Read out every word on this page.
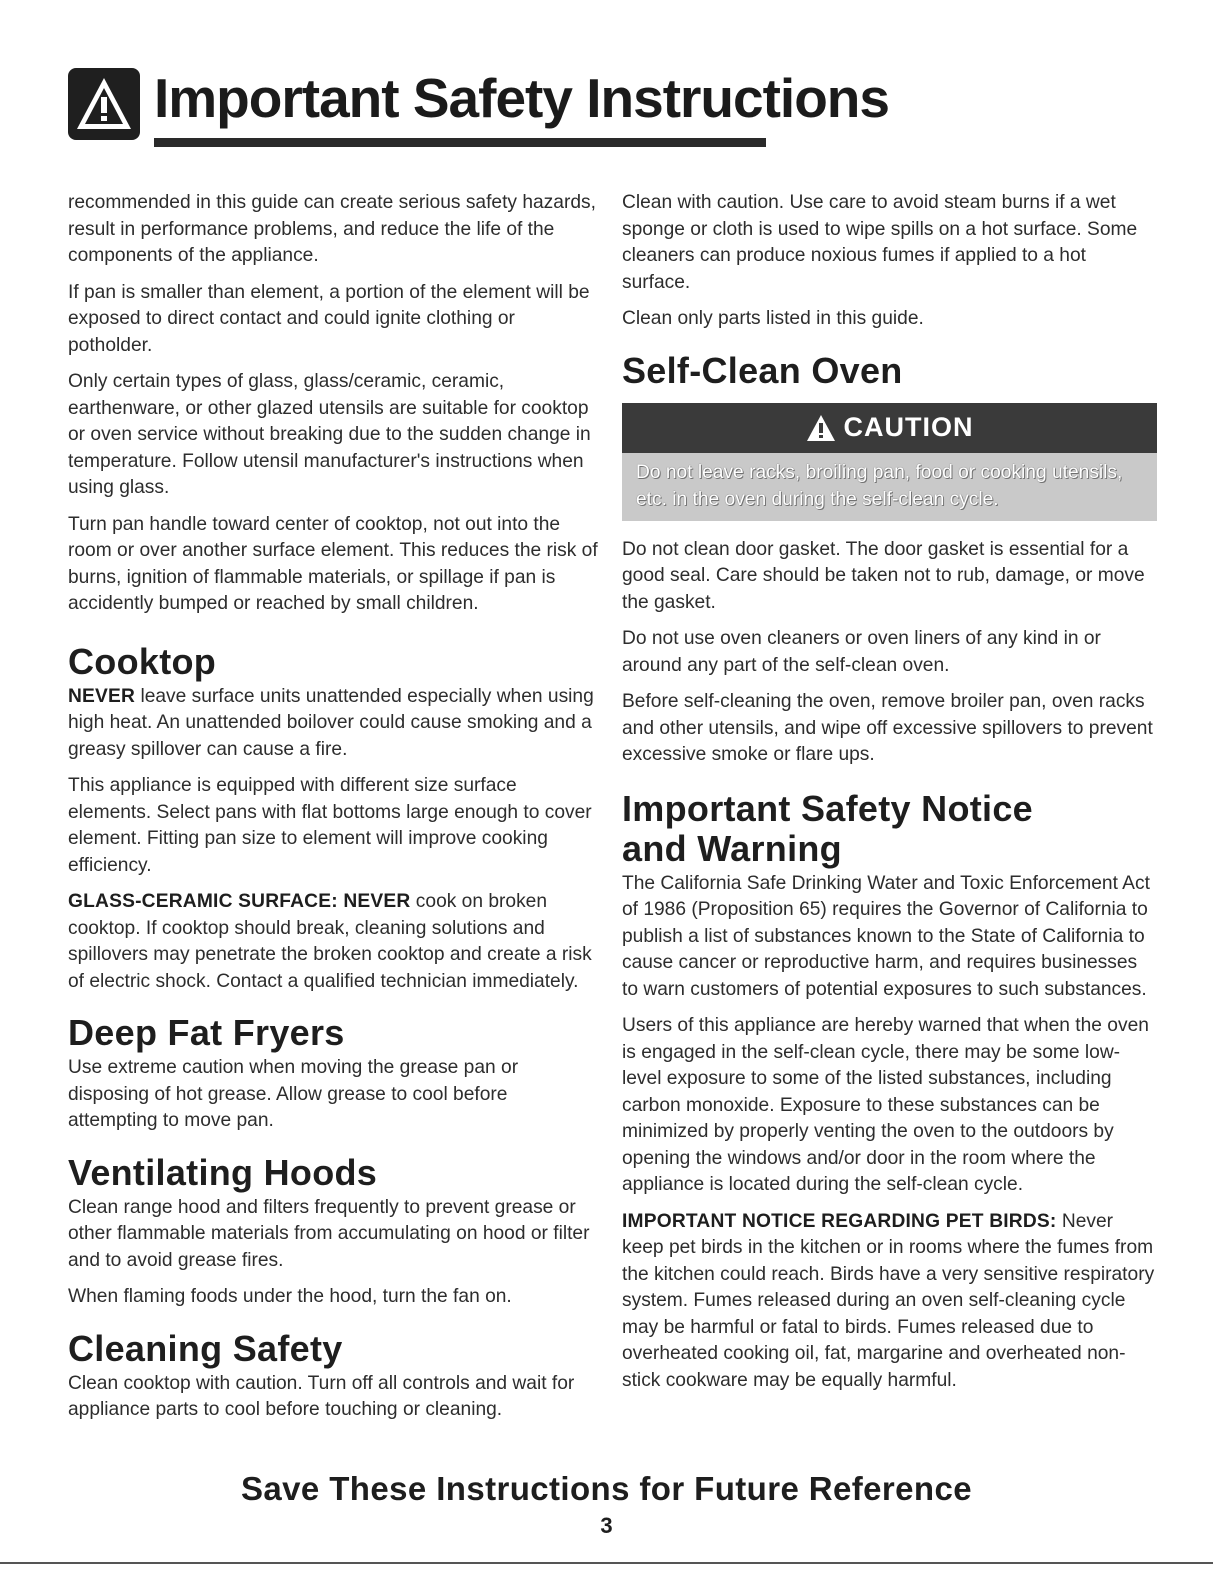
Important Safety Instructions

recommended in this guide can create serious safety hazards, result in performance problems, and reduce the life of the components of the appliance.

If pan is smaller than element, a portion of the element will be exposed to direct contact and could ignite clothing or potholder.

Only certain types of glass, glass/ceramic, ceramic, earthenware, or other glazed utensils are suitable for cooktop or oven service without breaking due to the sudden change in temperature. Follow utensil manufacturer's instructions when using glass.

Turn pan handle toward center of cooktop, not out into the room or over another surface element. This reduces the risk of burns, ignition of flammable materials, or spillage if pan is accidently bumped or reached by small children.

Cooktop

NEVER leave surface units unattended especially when using high heat. An unattended boilover could cause smoking and a greasy spillover can cause a fire.

This appliance is equipped with different size surface elements. Select pans with flat bottoms large enough to cover element. Fitting pan size to element will improve cooking efficiency.

GLASS-CERAMIC SURFACE: NEVER cook on broken cooktop. If cooktop should break, cleaning solutions and spillovers may penetrate the broken cooktop and create a risk of electric shock. Contact a qualified technician immediately.

Deep Fat Fryers

Use extreme caution when moving the grease pan or disposing of hot grease. Allow grease to cool before attempting to move pan.

Ventilating Hoods

Clean range hood and filters frequently to prevent grease or other flammable materials from accumulating on hood or filter and to avoid grease fires.

When flaming foods under the hood, turn the fan on.

Cleaning Safety

Clean cooktop with caution. Turn off all controls and wait for appliance parts to cool before touching or cleaning.

Clean with caution. Use care to avoid steam burns if a wet sponge or cloth is used to wipe spills on a hot surface. Some cleaners can produce noxious fumes if applied to a hot surface.

Clean only parts listed in this guide.

Self-Clean Oven
CAUTION
Do not leave racks, broiling pan, food or cooking utensils, etc. in the oven during the self-clean cycle.

Do not clean door gasket. The door gasket is essential for a good seal. Care should be taken not to rub, damage, or move the gasket.

Do not use oven cleaners or oven liners of any kind in or around any part of the self-clean oven.

Before self-cleaning the oven, remove broiler pan, oven racks and other utensils, and wipe off excessive spillovers to prevent excessive smoke or flare ups.

Important Safety Notice
and Warning

The California Safe Drinking Water and Toxic Enforcement Act of 1986 (Proposition 65) requires the Governor of California to publish a list of substances known to the State of California to cause cancer or reproductive harm, and requires businesses to warn customers of potential exposures to such substances.

Users of this appliance are hereby warned that when the oven is engaged in the self-clean cycle, there may be some low-level exposure to some of the listed substances, including carbon monoxide. Exposure to these substances can be minimized by properly venting the oven to the outdoors by opening the windows and/or door in the room where the appliance is located during the self-clean cycle.

IMPORTANT NOTICE REGARDING PET BIRDS: Never keep pet birds in the kitchen or in rooms where the fumes from the kitchen could reach. Birds have a very sensitive respiratory system. Fumes released during an oven self-cleaning cycle may be harmful or fatal to birds. Fumes released due to overheated cooking oil, fat, margarine and overheated non-stick cookware may be equally harmful.

Save These Instructions for Future Reference
3
